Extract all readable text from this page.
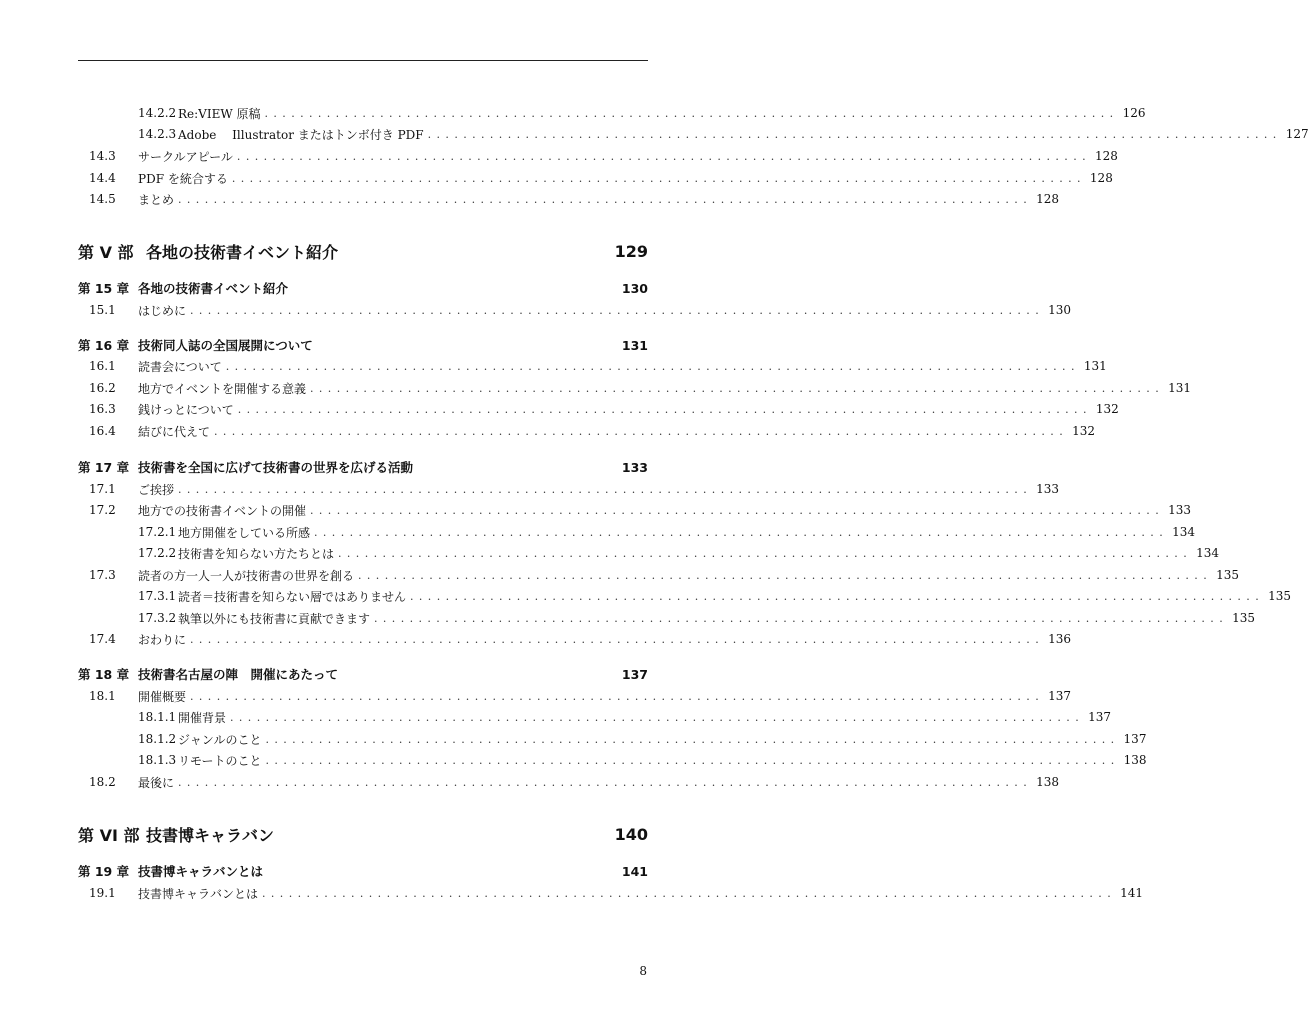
14.2.2 Re:VIEW 原稿 ................................................................................................ 126
14.2.3 Adobe　 Illustrator またはトンボ付き PDF ................................................................................................ 127
14.3	サークルアピール ................................................................................................ 128
14.4	PDF を統合する ................................................................................................ 128
14.5	まとめ ................................................................................................ 128
第 V 部 各地の技術書イベント紹介	129
第 15 章 各地の技術書イベント紹介	130
15.1	はじめに ................................................................................................ 130
第 16 章 技術同人誌の全国展開について	131
16.1	読書会について ................................................................................................ 131
16.2	地方でイベントを開催する意義 ................................................................................................ 131
16.3	銭けっとについて ................................................................................................ 132
16.4	結びに代えて ................................................................................................ 132
第 17 章 技術書を全国に広げて技術書の世界を広げる活動	133
17.1	ご挨拶 ................................................................................................ 133
17.2	地方での技術書イベントの開催 ................................................................................................ 133
17.2.1 地方開催をしている所感 ................................................................................................ 134
17.2.2 技術書を知らない方たちとは ................................................................................................ 134
17.3	読者の方一人一人が技術書の世界を創る ................................................................................................ 135
17.3.1 読者＝技術書を知らない層ではありません ................................................................................................ 135
17.3.2 執筆以外にも技術書に貢献できます ................................................................................................ 135
17.4	おわりに ................................................................................................ 136
第 18 章 技術書名古屋の陣　開催にあたって	137
18.1	開催概要 ................................................................................................ 137
18.1.1 開催背景 ................................................................................................ 137
18.1.2 ジャンルのこと ................................................................................................ 137
18.1.3 リモートのこと ................................................................................................ 138
18.2	最後に ................................................................................................ 138
第 VI 部 技書博キャラバン	140
第 19 章 技書博キャラバンとは	141
19.1	技書博キャラバンとは ................................................................................................ 141
8
